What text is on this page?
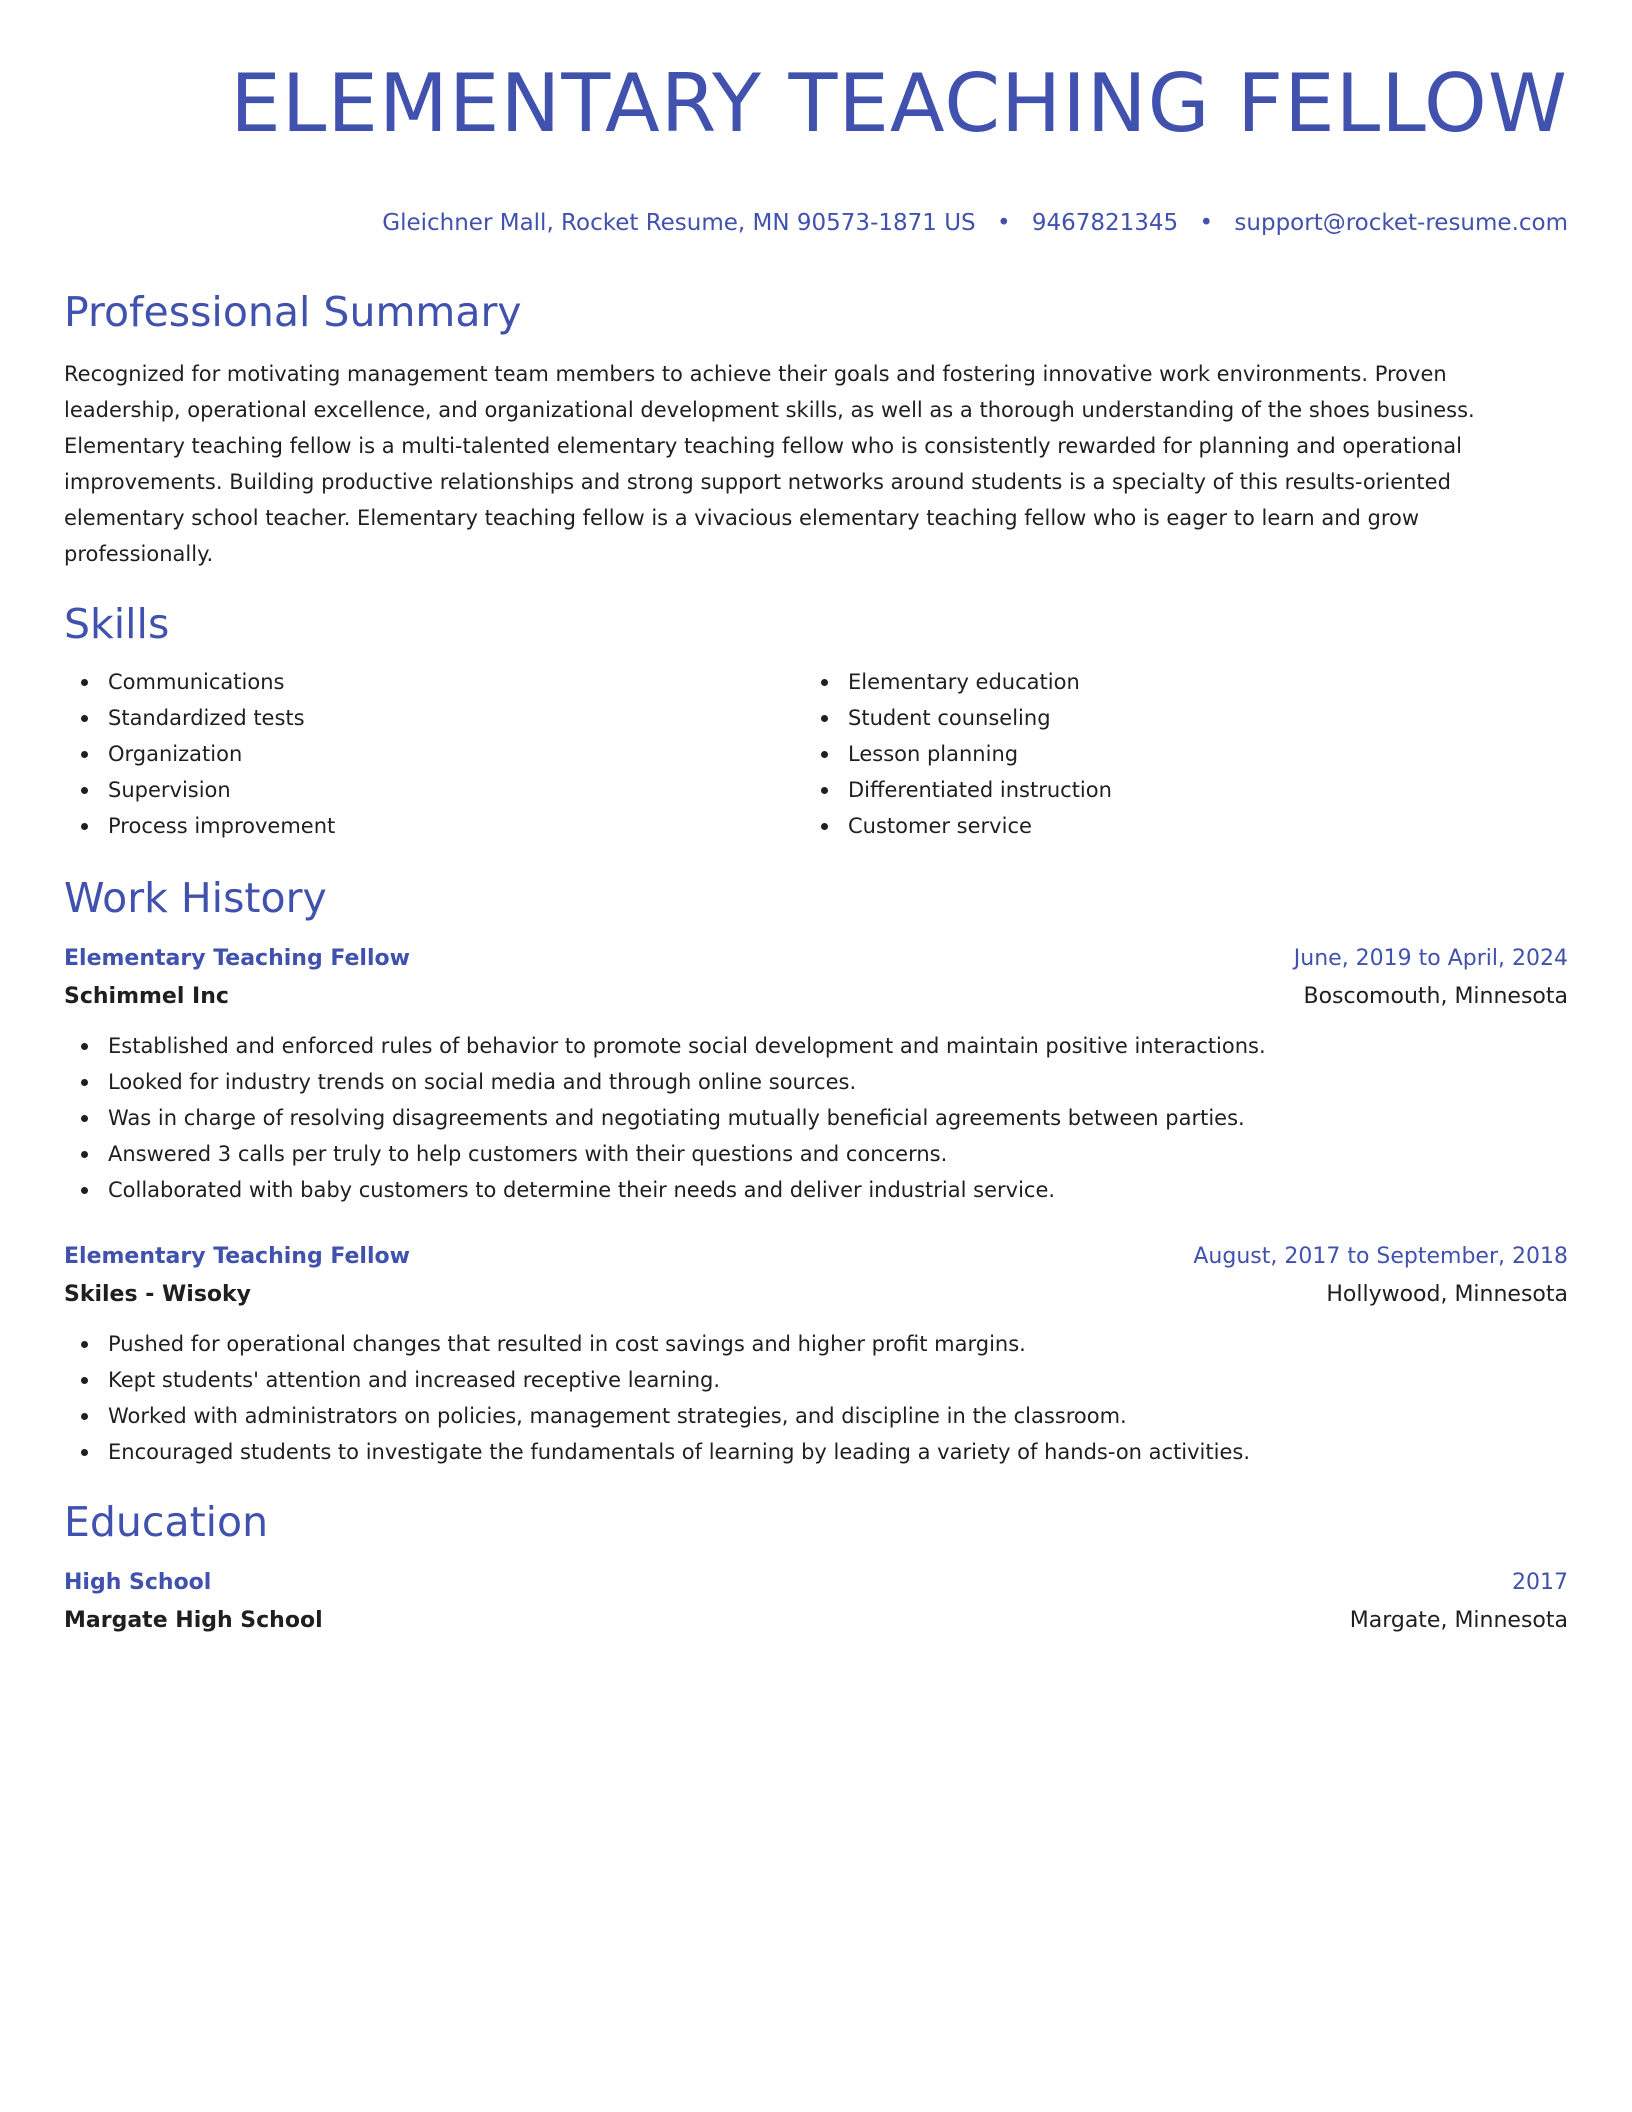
ELEMENTARY TEACHING FELLOW
Gleichner Mall, Rocket Resume, MN 90573-1871 US • 9467821345 • support@rocket-resume.com
Professional Summary

Recognized for motivating management team members to achieve their goals and fostering innovative work environments. Proven leadership, operational excellence, and organizational development skills, as well as a thorough understanding of the shoes business. Elementary teaching fellow is a multi-talented elementary teaching fellow who is consistently rewarded for planning and operational improvements. Building productive relationships and strong support networks around students is a specialty of this results-oriented elementary school teacher. Elementary teaching fellow is a vivacious elementary teaching fellow who is eager to learn and grow professionally.

Skills
Communications
Standardized tests
Organization
Supervision
Process improvement
Elementary education
Student counseling
Lesson planning
Differentiated instruction
Customer service
Work History
Elementary Teaching Fellow	June, 2019 to April, 2024
Schimmel Inc	Boscomouth, Minnesota
Established and enforced rules of behavior to promote social development and maintain positive interactions.
Looked for industry trends on social media and through online sources.
Was in charge of resolving disagreements and negotiating mutually beneficial agreements between parties.
Answered 3 calls per truly to help customers with their questions and concerns.
Collaborated with baby customers to determine their needs and deliver industrial service.
Elementary Teaching Fellow	August, 2017 to September, 2018
Skiles - Wisoky	Hollywood, Minnesota
Pushed for operational changes that resulted in cost savings and higher profit margins.
Kept students' attention and increased receptive learning.
Worked with administrators on policies, management strategies, and discipline in the classroom.
Encouraged students to investigate the fundamentals of learning by leading a variety of hands-on activities.
Education
High School	2017
Margate High School	Margate, Minnesota
